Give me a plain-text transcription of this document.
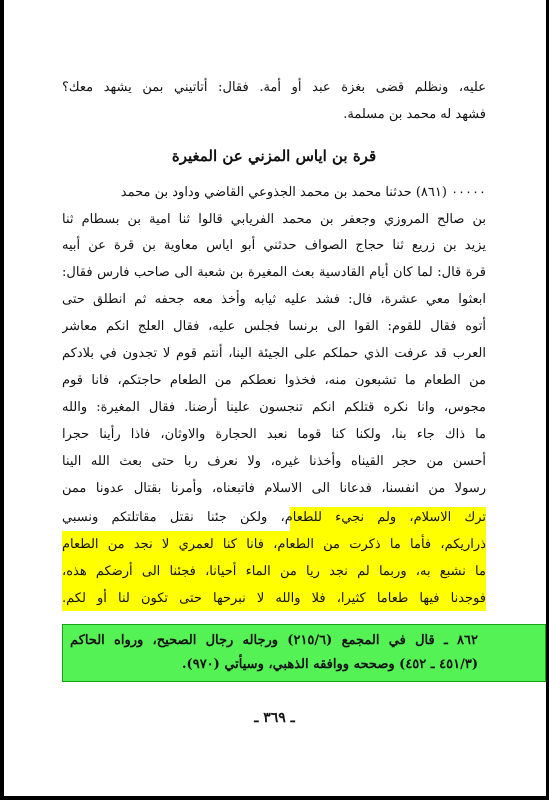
عليه، ونظلم قضى بغزة عبد أو أمة. فقال: أتاتيني بمن يشهد معك؟
فشهد له محمد بن مسلمة.
قرة بن اياس المزني عن المغيرة
٠٠٠٠٠ (٨٦١) حدثنا محمد بن محمد الجذوعي القاضي وداود بن محمد
بن صالح المروزي وجعفر بن محمد الفريابي قالوا ثنا امية بن بسطام ثنا
يزيد بن زريع ثنا حجاج الصواف حدثني أبو اياس معاوية بن قرة عن أبيه
قرة قال: لما كان أيام القادسية بعث المغيرة بن شعبة الى صاحب فارس فقال:
ابعثوا معي عشرة، فال: فشد عليه ثيابه وأخذ معه جحفه ثم انطلق حتى
أتوه فقال للقوم: القوا الى برنسا فجلس عليه، فقال العلج انكم معاشر
العرب قد عرفت الذي حملكم على الجيئة الينا، أنتم قوم لا تجدون في بلادكم
من الطعام ما تشبعون منه، فخذوا نعطكم من الطعام حاجتكم، فانا قوم
مجوس، وانا نكره قتلكم انكم تنجسون علينا أرضنا. فقال المغيرة: والله
ما ذاك جاء بنا، ولكنا كنا قوما نعبد الحجارة والاوثان، فاذا رأينا حجرا
أحسن من حجر القيناه وأخذنا غيره، ولا نعرف ربا حتى بعث الله الينا
رسولا من انفسنا، فدعانا الى الاسلام فاتبعناه، وأمرنا بقتال عدونا ممن
ترك الاسلام، ولم نجيء للطعام، ولكن جئنا نقتل مقاتلتكم ونسبي
ذراريكم، فأما ما ذكرت من الطعام، فانا كنا لعمري لا نجد من الطعام
ما نشبع به، وربما لم نجد ريا من الماء أحيانا، فجئنا الى أرضكم هذه،
فوجدنا فيها طعاما كثيرا، فلا والله لا نبرحها حتى تكون لنا أو لكم.
٨٦٢ ـ قال في المجمع (٢١٥/٦) ورجاله رجال الصحيح، ورواه الحاكم
(٤٥١/٣ ـ ٤٥٢) وصححه ووافقه الذهبي، وسيأتي (٩٧٠).
ـ ٣٦٩ ـ
